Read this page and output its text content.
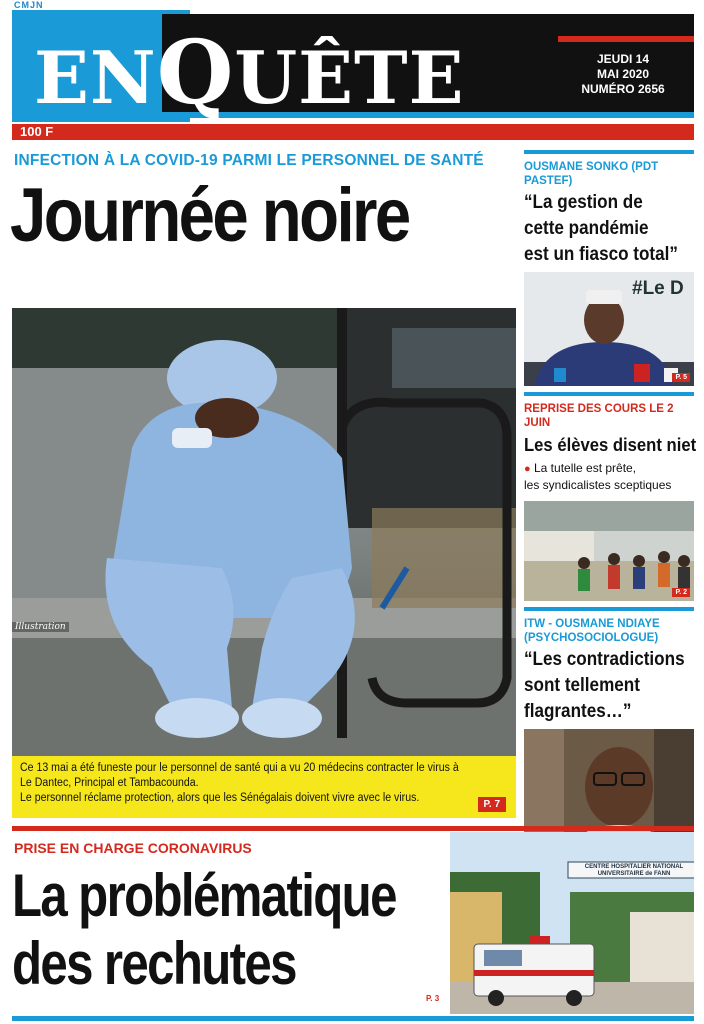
CMJN
ENQUÊTE	JEUDI 14
MAI 2020
NUMÉRO 2656
100 F
INFECTION À LA COVID-19 PARMI LE PERSONNEL DE SANTÉ
Journée noire
Illustration

Ce 13 mai a été funeste pour le personnel de santé qui a vu 20 médecins contracter le virus à

Le Dantec, Principal et Tambacounda.

Le personnel réclame protection, alors que les Sénégalais doivent vivre avec le virus.

P. 7
OUSMANE SONKO (PDT PASTEF)
“La gestion de
cette pandémie
est un fiasco total”
#Le D
P. 5
REPRISE DES COURS LE 2 JUIN
Les élèves disent niet
● La tutelle est prête,
les syndicalistes sceptiques
P. 2
ITW - OUSMANE NDIAYE
(PSYCHOSOCIOLOGUE)
“Les contradictions
sont tellement
flagrantes…”
PRISE EN CHARGE CORONAVIRUS
La problématique
des rechutes
P. 3
CENTRE HOSPITALIER NATIONAL UNIVERSITAIRE de FANN
